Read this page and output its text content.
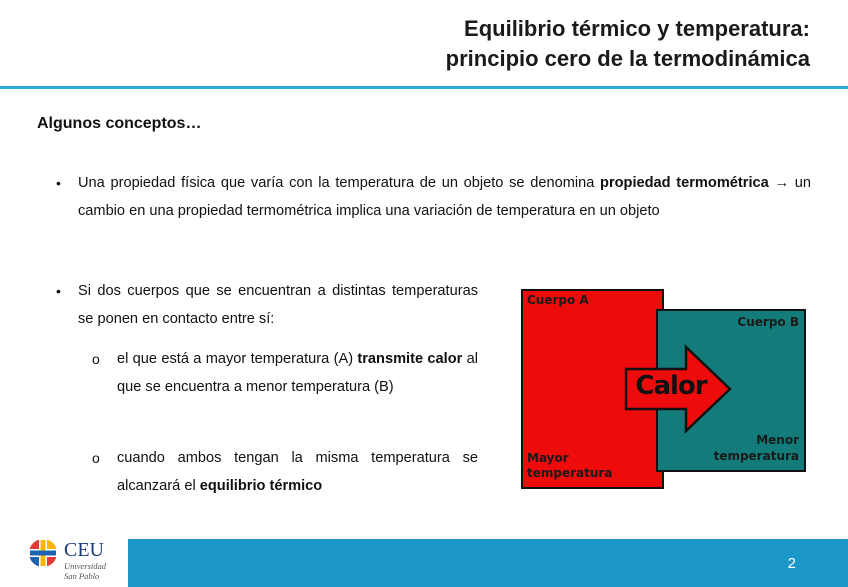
Equilibrio térmico y temperatura:
principio cero de la termodinámica
Algunos conceptos…
• Una propiedad física que varía con la temperatura de un objeto se denomina propiedad termométrica → un cambio en una propiedad termométrica implica una variación de temperatura en un objeto
• Si dos cuerpos que se encuentran a distintas temperaturas se ponen en contacto entre sí:
o el que está a mayor temperatura (A) transmite calor al que se encuentra a menor temperatura (B)
o cuando ambos tengan la misma temperatura se alcanzará el equilibrio térmico
Cuerpo A
Mayor
temperatura
Cuerpo B
Menor
temperatura
Calor
2
CEU
Universidad
San Pablo
